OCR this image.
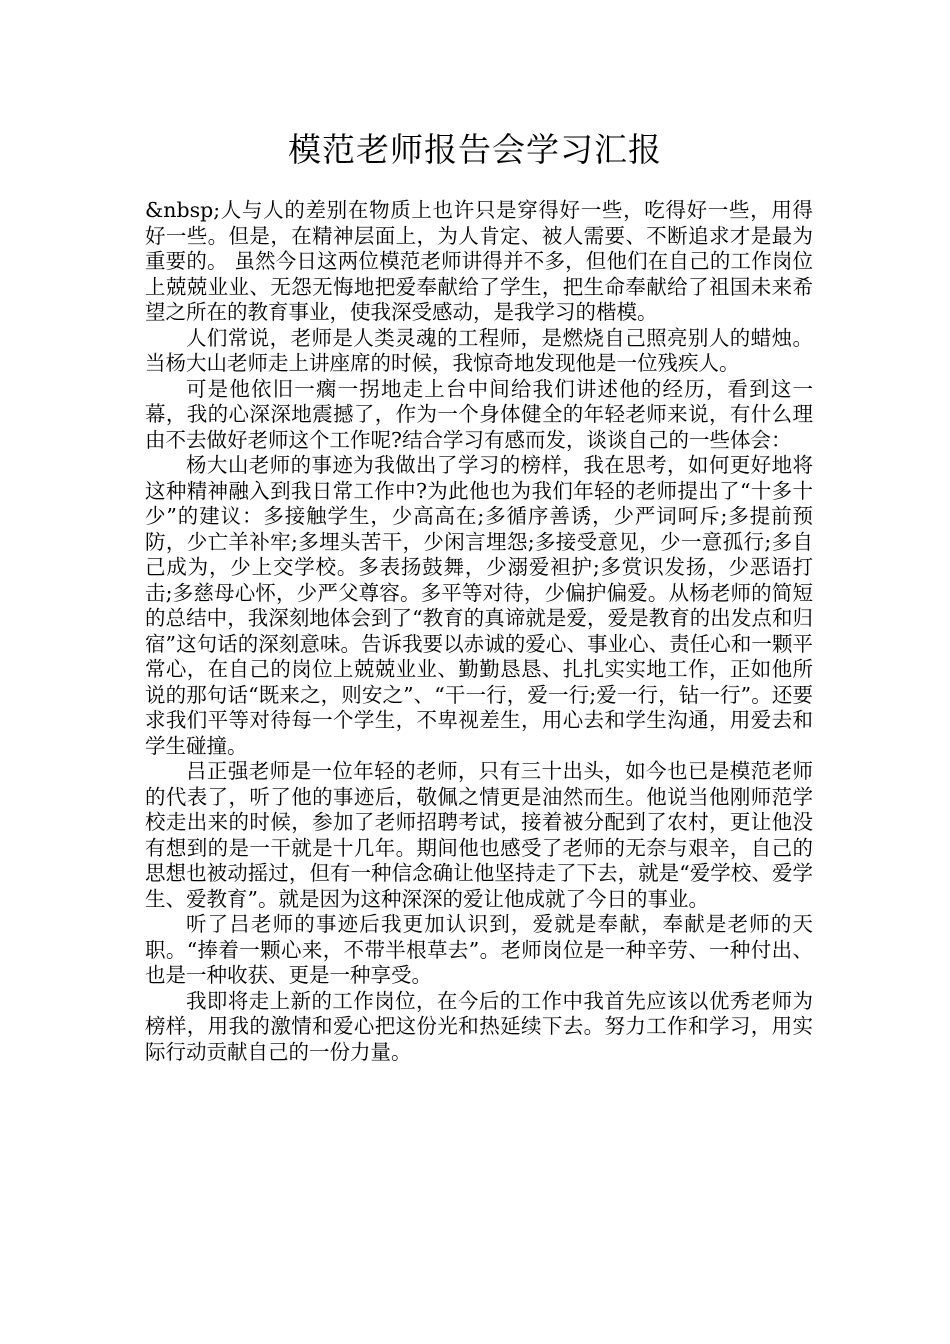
模范老师报告会学习汇报

&nbsp;人与人的差别在物质上也许只是穿得好一些，吃得好一些，用得好一些。但是，在精神层面上，为人肯定、被人需要、不断追求才是最为重要的。 虽然今日这两位模范老师讲得并不多，但他们在自己的工作岗位上兢兢业业、无怨无悔地把爱奉献给了学生，把生命奉献给了祖国未来希望之所在的教育事业，使我深受感动，是我学习的楷模。

人们常说，老师是人类灵魂的工程师，是燃烧自己照亮别人的蜡烛。当杨大山老师走上讲座席的时候，我惊奇地发现他是一位残疾人。

可是他依旧一瘸一拐地走上台中间给我们讲述他的经历，看到这一幕，我的心深深地震撼了，作为一个身体健全的年轻老师来说，有什么理由不去做好老师这个工作呢?结合学习有感而发，谈谈自己的一些体会：

杨大山老师的事迹为我做出了学习的榜样，我在思考，如何更好地将这种精神融入到我日常工作中?为此他也为我们年轻的老师提出了“十多十少”的建议：多接触学生，少高高在;多循序善诱，少严词呵斥;多提前预防，少亡羊补牢;多埋头苦干，少闲言埋怨;多接受意见，少一意孤行;多自己成为，少上交学校。多表扬鼓舞，少溺爱袒护;多赏识发扬，少恶语打击;多慈母心怀，少严父尊容。多平等对待，少偏护偏爱。从杨老师的简短的总结中，我深刻地体会到了“教育的真谛就是爱，爱是教育的出发点和归宿”这句话的深刻意味。告诉我要以赤诚的爱心、事业心、责任心和一颗平常心，在自己的岗位上兢兢业业、勤勤恳恳、扎扎实实地工作，正如他所说的那句话“既来之，则安之”、“干一行，爱一行;爱一行，钻一行”。还要求我们平等对待每一个学生，不卑视差生，用心去和学生沟通，用爱去和学生碰撞。

吕正强老师是一位年轻的老师，只有三十出头，如今也已是模范老师的代表了，听了他的事迹后，敬佩之情更是油然而生。他说当他刚师范学校走出来的时候，参加了老师招聘考试，接着被分配到了农村，更让他没有想到的是一干就是十几年。期间他也感受了老师的无奈与艰辛，自己的思想也被动摇过，但有一种信念确让他坚持走了下去，就是“爱学校、爱学生、爱教育”。就是因为这种深深的爱让他成就了今日的事业。

听了吕老师的事迹后我更加认识到，爱就是奉献，奉献是老师的天职。“捧着一颗心来，不带半根草去”。老师岗位是一种辛劳、一种付出、也是一种收获、更是一种享受。

我即将走上新的工作岗位，在今后的工作中我首先应该以优秀老师为榜样，用我的激情和爱心把这份光和热延续下去。努力工作和学习，用实际行动贡献自己的一份力量。
